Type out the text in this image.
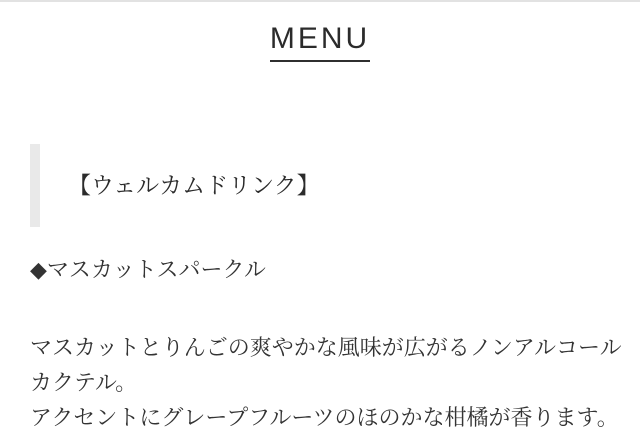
MENU
【ウェルカムドリンク】
◆マスカットスパークル
マスカットとりんごの爽やかな風味が広がるノンアルコール
カクテル。
アクセントにグレープフルーツのほのかな柑橘が香ります。
